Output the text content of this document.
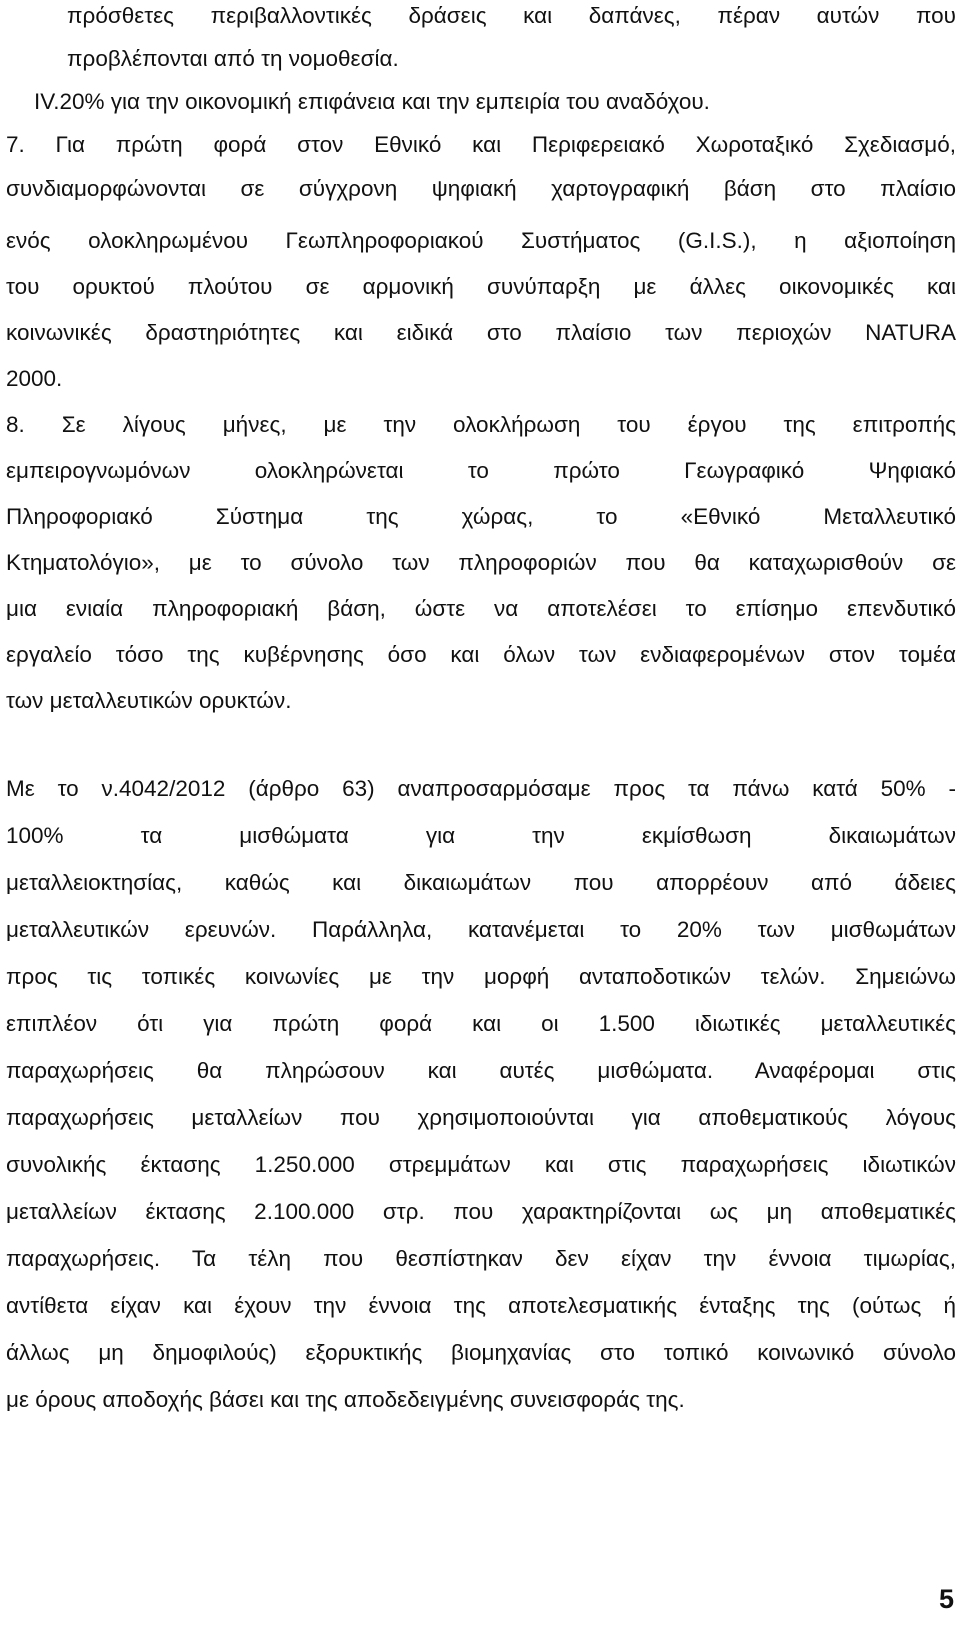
πρόσθετες περιβαλλοντικές δράσεις και δαπάνες, πέραν αυτών που
προβλέπονται από τη νομοθεσία.
IV.20% για την οικονομική επιφάνεια και την εμπειρία του αναδόχου.
7. Για πρώτη φορά στον Εθνικό και Περιφερειακό Χωροταξικό Σχεδιασμό,
συνδιαμορφώνονται σε σύγχρονη ψηφιακή χαρτογραφική βάση στο πλαίσιο
ενός ολοκληρωμένου Γεωπληροφοριακού Συστήματος (G.I.S.), η αξιοποίηση
του ορυκτού πλούτου σε αρμονική συνύπαρξη με άλλες οικονομικές και
κοινωνικές δραστηριότητες και ειδικά στο πλαίσιο των περιοχών NATURA
2000.
8. Σε λίγους μήνες, με την ολοκλήρωση του έργου της επιτροπής
εμπειρογνωμόνων ολοκληρώνεται το πρώτο Γεωγραφικό Ψηφιακό
Πληροφοριακό Σύστημα της χώρας, το «Εθνικό Μεταλλευτικό
Κτηματολόγιο», με το σύνολο των πληροφοριών που θα καταχωρισθούν σε
μια ενιαία πληροφοριακή βάση, ώστε να αποτελέσει το επίσημο επενδυτικό
εργαλείο τόσο της κυβέρνησης όσο και όλων των ενδιαφερομένων στον τομέα
των μεταλλευτικών ορυκτών.
Με το ν.4042/2012 (άρθρο 63) αναπροσαρμόσαμε προς τα πάνω κατά 50% -
100% τα μισθώματα για την εκμίσθωση δικαιωμάτων
μεταλλειοκτησίας, καθώς και δικαιωμάτων που απορρέουν από άδειες
μεταλλευτικών ερευνών. Παράλληλα, κατανέμεται το 20% των μισθωμάτων
προς τις τοπικές κοινωνίες με την μορφή ανταποδοτικών τελών. Σημειώνω
επιπλέον ότι για πρώτη φορά και οι 1.500 ιδιωτικές μεταλλευτικές
παραχωρήσεις θα πληρώσουν και αυτές μισθώματα. Αναφέρομαι στις
παραχωρήσεις μεταλλείων που χρησιμοποιούνται για αποθεματικούς λόγους
συνολικής έκτασης 1.250.000 στρεμμάτων και στις παραχωρήσεις ιδιωτικών
μεταλλείων έκτασης 2.100.000 στρ. που χαρακτηρίζονται ως μη αποθεματικές
παραχωρήσεις. Τα τέλη που θεσπίστηκαν δεν είχαν την έννοια τιμωρίας,
αντίθετα είχαν και έχουν την έννοια της αποτελεσματικής ένταξης της (ούτως ή
άλλως μη δημοφιλούς) εξορυκτικής βιομηχανίας στο τοπικό κοινωνικό σύνολο
με όρους αποδοχής βάσει και της αποδεδειγμένης συνεισφοράς της.
5
